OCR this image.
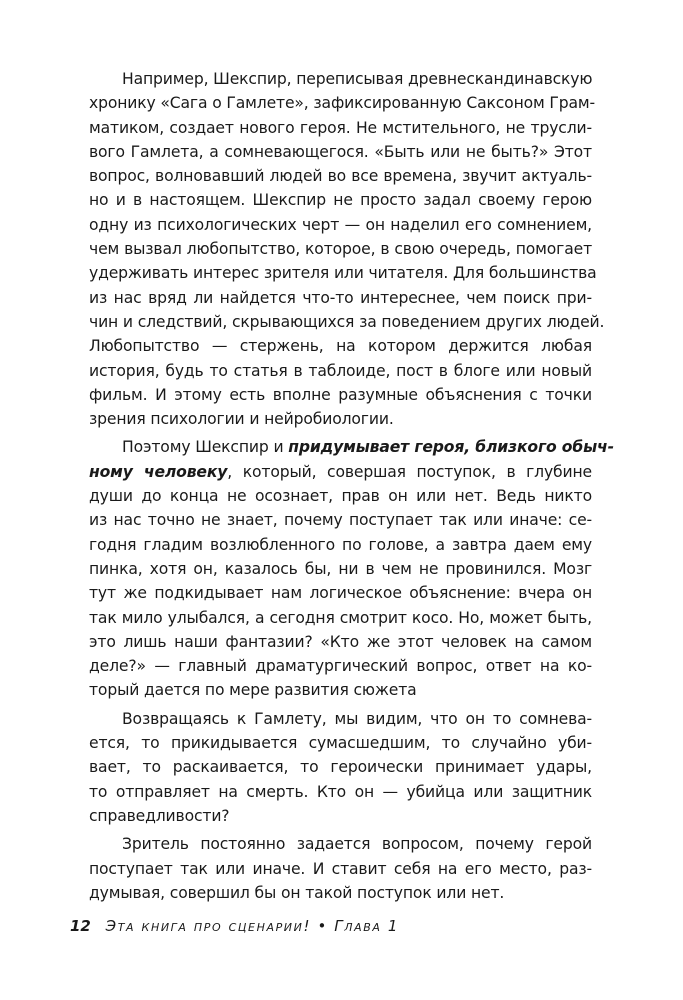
Например, Шекспир, переписывая древнескандинавскую
хронику «Сага о Гамлете», зафиксированную Саксоном Грам-
матиком, создает нового героя. Не мстительного, не трусли-
вого Гамлета, а сомневающегося. «Быть или не быть?» Этот
вопрос, волновавший людей во все времена, звучит актуаль-
но и в настоящем. Шекспир не просто задал своему герою
одну из психологических черт — он наделил его сомнением,
чем вызвал любопытство, которое, в свою очередь, помогает
удерживать интерес зрителя или читателя. Для большинства
из нас вряд ли найдется что-то интереснее, чем поиск при-
чин и следствий, скрывающихся за поведением других людей.
Любопытство — стержень, на котором держится любая
история, будь то статья в таблоиде, пост в блоге или новый
фильм. И этому есть вполне разумные объяснения с точки
зрения психологии и нейробиологии.
Поэтому Шекспир и придумывает героя, близкого обыч-
ному человеку, который, совершая поступок, в глубине
души до конца не осознает, прав он или нет. Ведь никто
из нас точно не знает, почему поступает так или иначе: се-
годня гладим возлюбленного по голове, а завтра даем ему
пинка, хотя он, казалось бы, ни в чем не провинился. Мозг
тут же подкидывает нам логическое объяснение: вчера он
так мило улыбался, а сегодня смотрит косо. Но, может быть,
это лишь наши фантазии? «Кто же этот человек на самом
деле?» — главный драматургический вопрос, ответ на ко-
торый дается по мере развития сюжета
Возвращаясь к Гамлету, мы видим, что он то сомнева-
ется, то прикидывается сумасшедшим, то случайно уби-
вает, то раскаивается, то героически принимает удары,
то отправляет на смерть. Кто он — убийца или защитник
справедливости?
Зритель постоянно задается вопросом, почему герой
поступает так или иначе. И ставит себя на его место, раз-
думывая, совершил бы он такой поступок или нет.
12 Эта книга про сценарии! • Глава 1
